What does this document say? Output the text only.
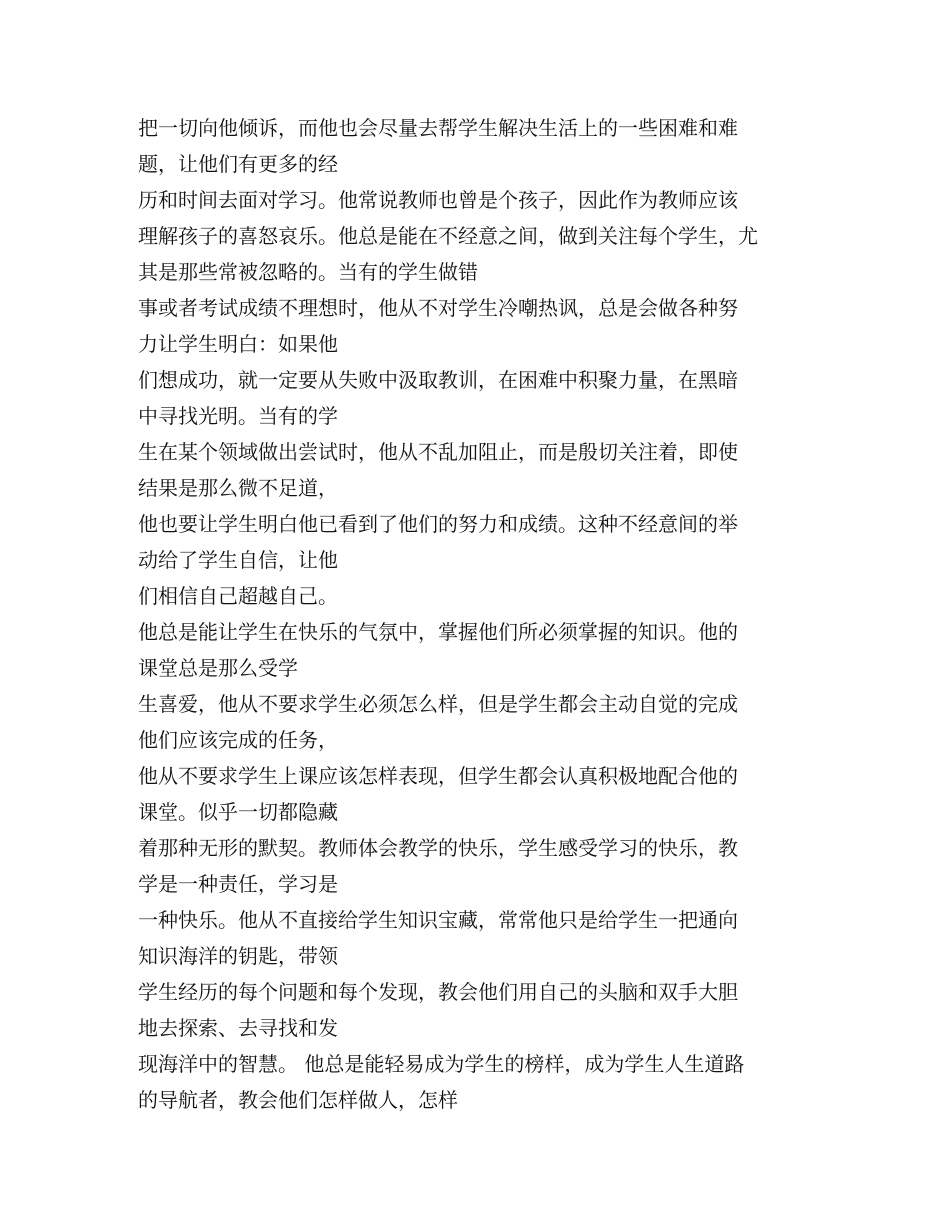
把一切向他倾诉，而他也会尽量去帮学生解决生活上的一些困难和难
题，让他们有更多的经
历和时间去面对学习。他常说教师也曾是个孩子，因此作为教师应该
理解孩子的喜怒哀乐。他总是能在不经意之间，做到关注每个学生，尤
其是那些常被忽略的。当有的学生做错
事或者考试成绩不理想时，他从不对学生冷嘲热讽，总是会做各种努
力让学生明白：如果他
们想成功，就一定要从失败中汲取教训，在困难中积聚力量，在黑暗
中寻找光明。当有的学
生在某个领域做出尝试时，他从不乱加阻止，而是殷切关注着，即使
结果是那么微不足道，
他也要让学生明白他已看到了他们的努力和成绩。这种不经意间的举
动给了学生自信，让他
们相信自己超越自己。
他总是能让学生在快乐的气氛中，掌握他们所必须掌握的知识。他的
课堂总是那么受学
生喜爱，他从不要求学生必须怎么样，但是学生都会主动自觉的完成
他们应该完成的任务，
他从不要求学生上课应该怎样表现，但学生都会认真积极地配合他的
课堂。似乎一切都隐藏
着那种无形的默契。教师体会教学的快乐，学生感受学习的快乐，教
学是一种责任，学习是
一种快乐。他从不直接给学生知识宝藏，常常他只是给学生一把通向
知识海洋的钥匙，带领
学生经历的每个问题和每个发现，教会他们用自己的头脑和双手大胆
地去探索、去寻找和发
现海洋中的智慧。 他总是能轻易成为学生的榜样，成为学生人生道路
的导航者，教会他们怎样做人，怎样
